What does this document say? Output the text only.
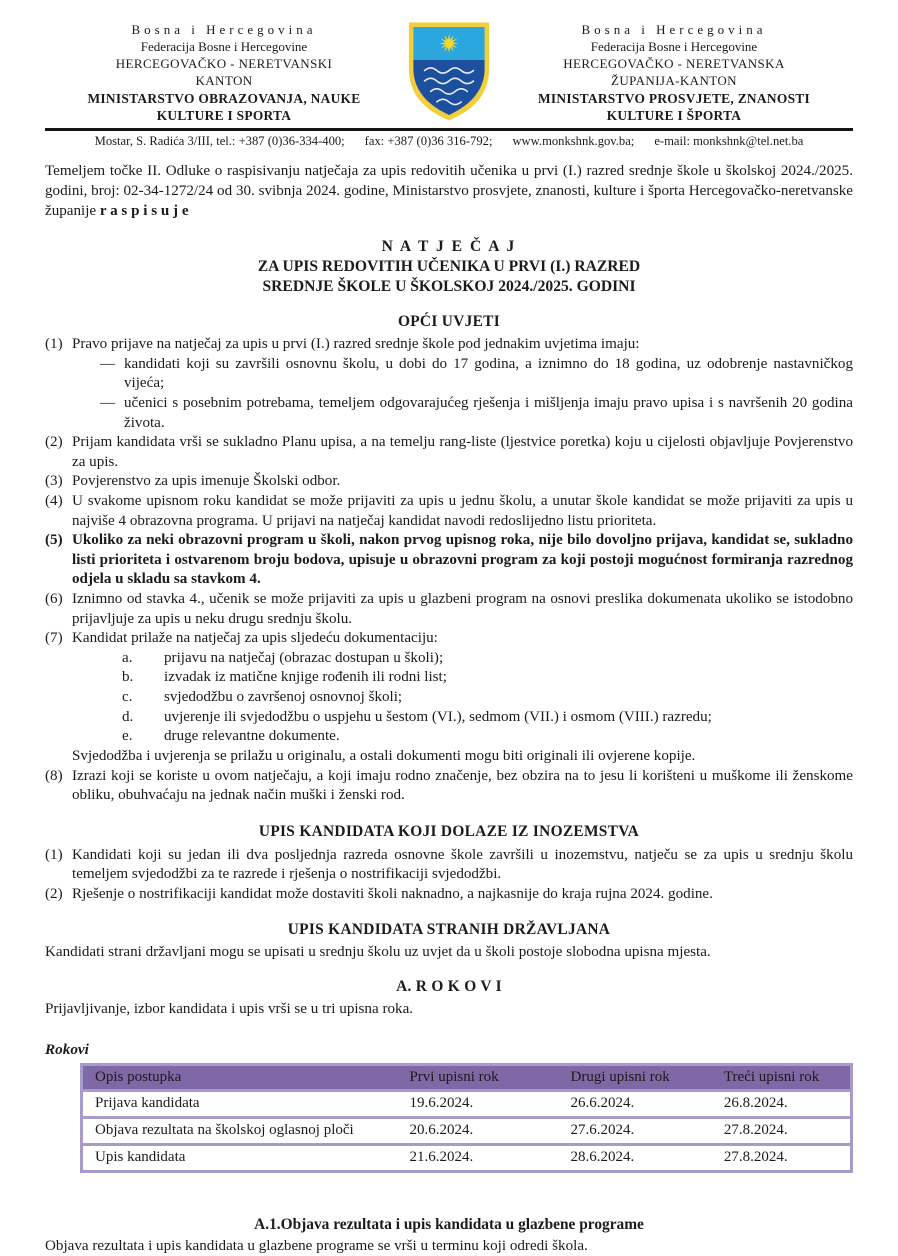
Bosna i Hercegovina
Federacija Bosne i Hercegovine
HERCEGOVAČKO - NERETVANSKI
KANTON
MINISTARSTVO OBRAZOVANJA, NAUKE
KULTURE I SPORTA
Bosna i Hercegovina
Federacija Bosne i Hercegovine
HERCEGOVAČKO - NERETVANSKA
ŽUPANIJA-KANTON
MINISTARSTVO PROSVJETE, ZNANOSTI
KULTURE I ŠPORTA
Mostar, S. Radića 3/III, tel.: +387 (0)36-334-400; fax: +387 (0)36 316-792; www.monkshnk.gov.ba; e-mail: monkshnk@tel.net.ba

Temeljem točke II. Odluke o raspisivanju natječaja za upis redovitih učenika u prvi (I.) razred srednje škole u školskoj 2024./2025. godini, broj: 02-34-1272/24 od 30. svibnja 2024. godine, Ministarstvo prosvjete, znanosti, kulture i športa Hercegovačko-neretvanske županije r a s p i s u j e

N A T J E Č A J
ZA UPIS REDOVITIH UČENIKA U PRVI (I.) RAZRED
SREDNJE ŠKOLE U ŠKOLSKOJ 2024./2025. GODINI
OPĆI UVJETI
(1) Pravo prijave na natječaj za upis u prvi (I.) razred srednje škole pod jednakim uvjetima imaju:
— kandidati koji su završili osnovnu školu, u dobi do 17 godina, a iznimno do 18 godina, uz odobrenje nastavničkog vijeća;
— učenici s posebnim potrebama, temeljem odgovarajućeg rješenja i mišljenja imaju pravo upisa i s navršenih 20 godina života.
(2) Prijam kandidata vrši se sukladno Planu upisa, a na temelju rang-liste (ljestvice poretka) koju u cijelosti objavljuje Povjerenstvo za upis.
(3) Povjerenstvo za upis imenuje Školski odbor.
(4) U svakome upisnom roku kandidat se može prijaviti za upis u jednu školu, a unutar škole kandidat se može prijaviti za upis u najviše 4 obrazovna programa. U prijavi na natječaj kandidat navodi redoslijedno listu prioriteta.
(5) Ukoliko za neki obrazovni program u školi, nakon prvog upisnog roka, nije bilo dovoljno prijava, kandidat se, sukladno listi prioriteta i ostvarenom broju bodova, upisuje u obrazovni program za koji postoji mogućnost formiranja razrednog odjela u skladu sa stavkom 4.
(6) Iznimno od stavka 4., učenik se može prijaviti za upis u glazbeni program na osnovi preslika dokumenata ukoliko se istodobno prijavljuje za upis u neku drugu srednju školu.
(7) Kandidat prilaže na natječaj za upis sljedeću dokumentaciju:
a.	prijavu na natječaj (obrazac dostupan u školi);
b.	izvadak iz matične knjige rođenih ili rodni list;
c.	svjedodžbu o završenoj osnovnoj školi;
d.	uvjerenje ili svjedodžbu o uspjehu u šestom (VI.), sedmom (VII.) i osmom (VIII.) razredu;
e.	druge relevantne dokumente.
Svjedodžba i uvjerenja se prilažu u originalu, a ostali dokumenti mogu biti originali ili ovjerene kopije.
(8) Izrazi koji se koriste u ovom natječaju, a koji imaju rodno značenje, bez obzira na to jesu li korišteni u muškome ili ženskome obliku, obuhvaćaju na jednak način muški i ženski rod.
UPIS KANDIDATA KOJI DOLAZE IZ INOZEMSTVA
(1) Kandidati koji su jedan ili dva posljednja razreda osnovne škole završili u inozemstvu, natječu se za upis u srednju školu temeljem svjedodžbi za te razrede i rješenja o nostrifikaciji svjedodžbi.
(2) Rješenje o nostrifikaciji kandidat može dostaviti školi naknadno, a najkasnije do kraja rujna 2024. godine.
UPIS KANDIDATA STRANIH DRŽAVLJANA

Kandidati strani državljani mogu se upisati u srednju školu uz uvjet da u školi postoje slobodna upisna mjesta.

A. R O K O V I

Prijavljivanje, izbor kandidata i upis vrši se u tri upisna roka.

Rokovi
Opis postupka	Prvi upisni rok	Drugi upisni rok	Treći upisni rok
Prijava kandidata	19.6.2024.	26.6.2024.	26.8.2024.
Objava rezultata na školskoj oglasnoj ploči	20.6.2024.	27.6.2024.	27.8.2024.
Upis kandidata	21.6.2024.	28.6.2024.	27.8.2024.
A.1.Objava rezultata i upis kandidata u glazbene programe

Objava rezultata i upis kandidata u glazbene programe se vrši u terminu koji odredi škola.
